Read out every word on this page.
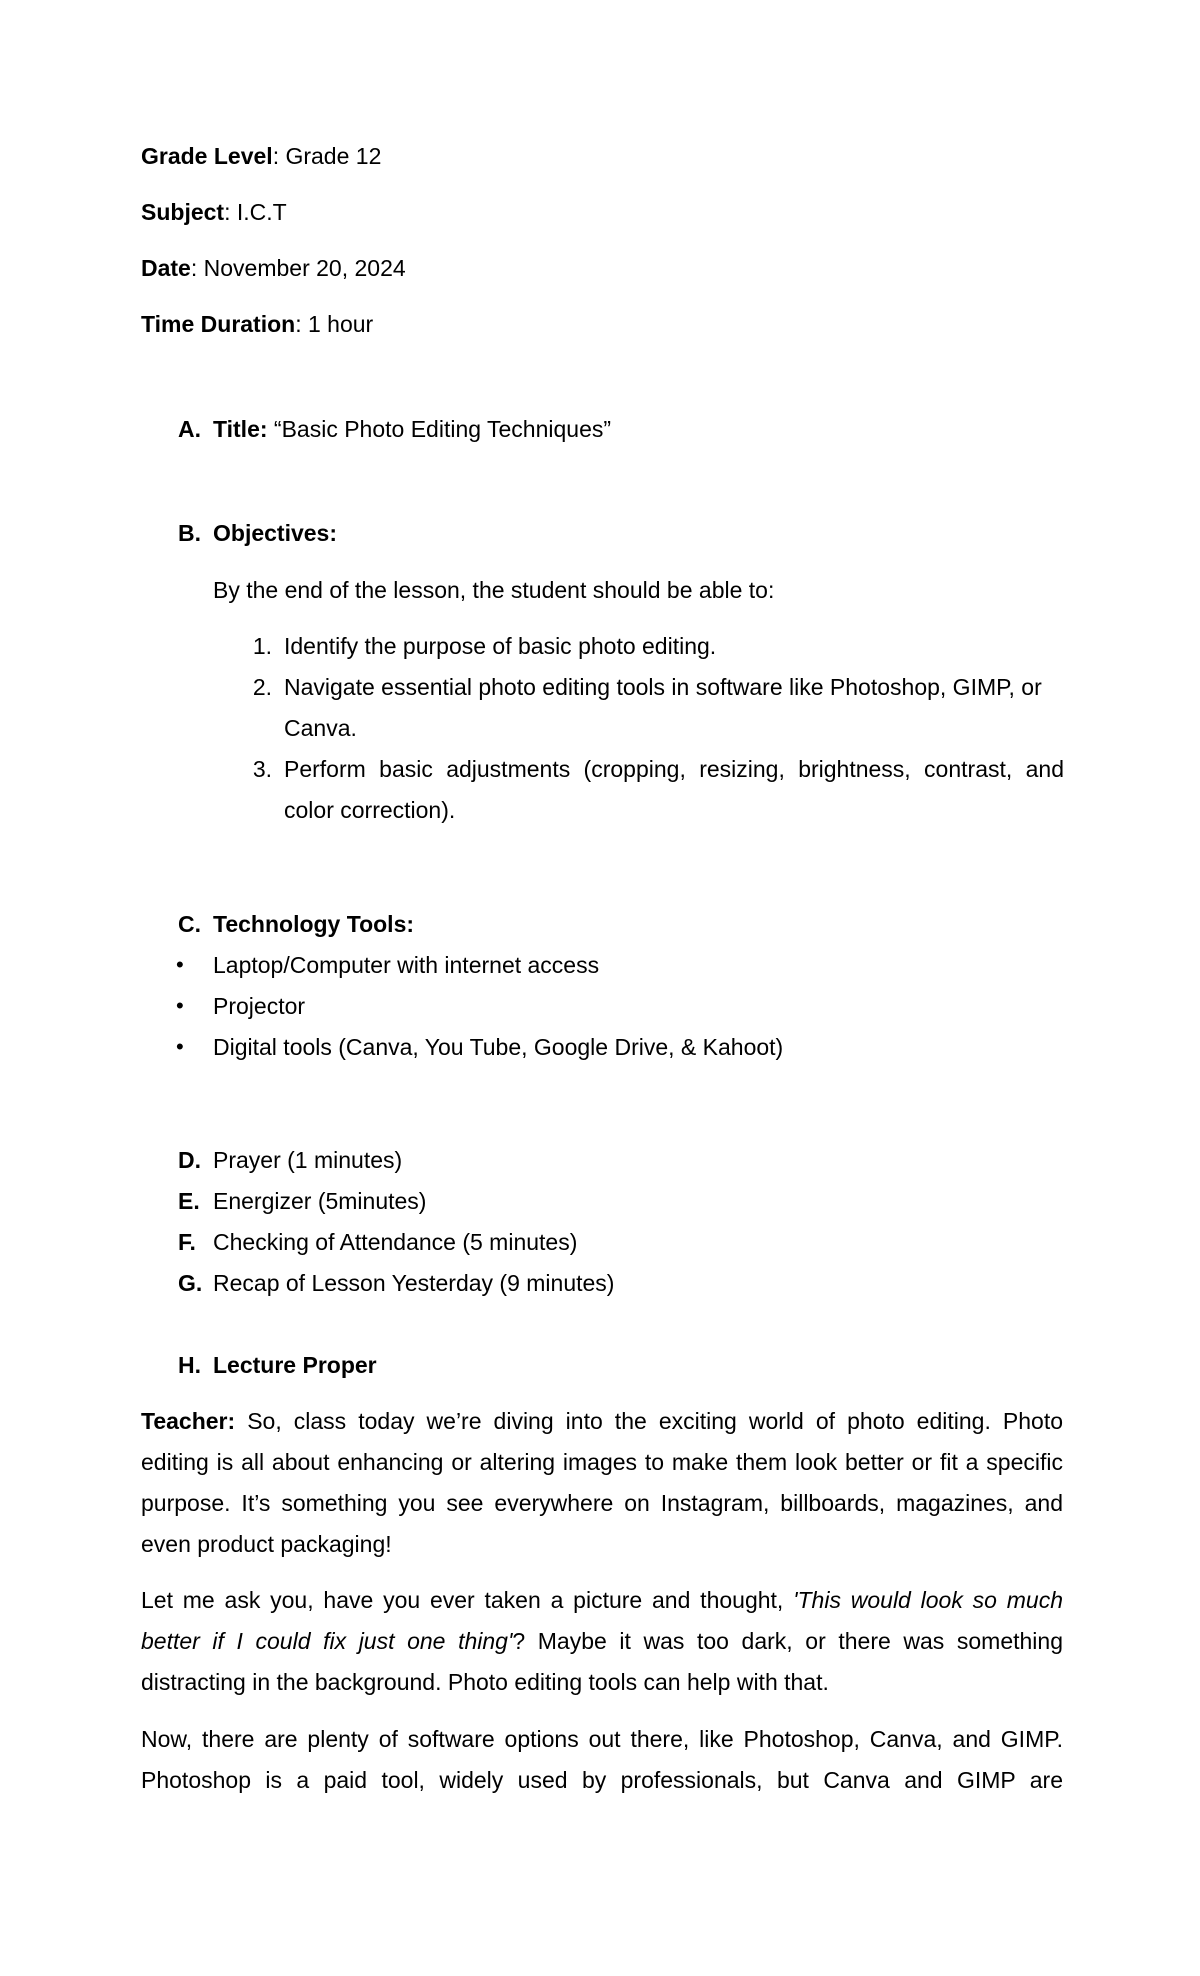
Grade Level: Grade 12
Subject: I.C.T
Date: November 20, 2024
Time Duration: 1 hour
A. Title: “Basic Photo Editing Techniques”
B. Objectives:
By the end of the lesson, the student should be able to:
1. Identify the purpose of basic photo editing.
2. Navigate essential photo editing tools in software like Photoshop, GIMP, or Canva.
3. Perform basic adjustments (cropping, resizing, brightness, contrast, and color correction).
C. Technology Tools:
• Laptop/Computer with internet access
• Projector
• Digital tools (Canva, You Tube, Google Drive, & Kahoot)
D. Prayer (1 minutes)
E. Energizer (5minutes)
F. Checking of Attendance (5 minutes)
G. Recap of Lesson Yesterday (9 minutes)
H. Lecture Proper
Teacher: So, class today we’re diving into the exciting world of photo editing. Photo editing is all about enhancing or altering images to make them look better or fit a specific purpose. It’s something you see everywhere on Instagram, billboards, magazines, and even product packaging!
Let me ask you, have you ever taken a picture and thought, 'This would look so much better if I could fix just one thing'? Maybe it was too dark, or there was something distracting in the background. Photo editing tools can help with that.
Now, there are plenty of software options out there, like Photoshop, Canva, and GIMP. Photoshop is a paid tool, widely used by professionals, but Canva and GIMP are
